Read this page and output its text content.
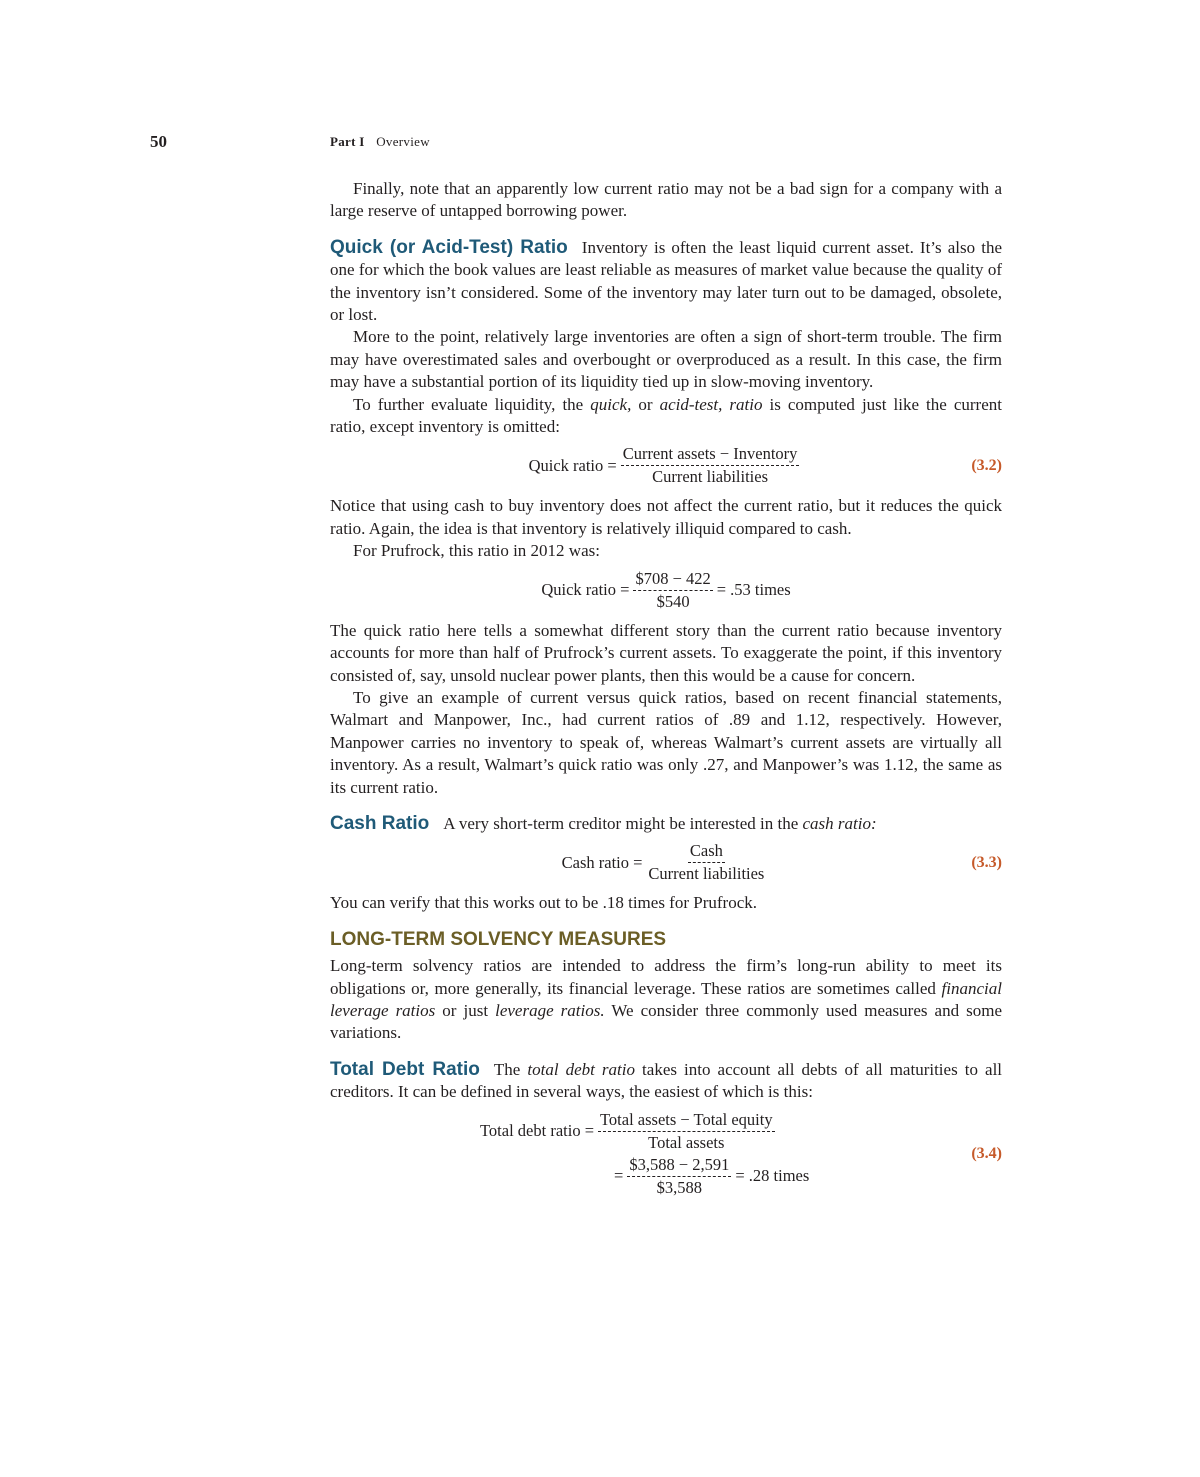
50	Part I Overview

Finally, note that an apparently low current ratio may not be a bad sign for a company with a large reserve of untapped borrowing power.

Quick (or Acid-Test) Ratio Inventory is often the least liquid current asset. It’s also the one for which the book values are least reliable as measures of market value because the quality of the inventory isn’t considered. Some of the inventory may later turn out to be damaged, obsolete, or lost.

More to the point, relatively large inventories are often a sign of short-term trouble. The firm may have overestimated sales and overbought or overproduced as a result. In this case, the firm may have a substantial portion of its liquidity tied up in slow-moving inventory.

To further evaluate liquidity, the quick, or acid-test, ratio is computed just like the current ratio, except inventory is omitted:

Quick ratio = $\frac{\text{Current assets − Inventory}}{\text{Current liabilities}}$	(3.2)

Notice that using cash to buy inventory does not affect the current ratio, but it reduces the quick ratio. Again, the idea is that inventory is relatively illiquid compared to cash.

For Prufrock, this ratio in 2012 was:

Quick ratio = $\frac{\$708 - 422}{\$540} = .53$ times

The quick ratio here tells a somewhat different story than the current ratio because inventory accounts for more than half of Prufrock’s current assets. To exaggerate the point, if this inventory consisted of, say, unsold nuclear power plants, then this would be a cause for concern.

To give an example of current versus quick ratios, based on recent financial statements, Walmart and Manpower, Inc., had current ratios of .89 and 1.12, respectively. However, Manpower carries no inventory to speak of, whereas Walmart’s current assets are virtually all inventory. As a result, Walmart’s quick ratio was only .27, and Manpower’s was 1.12, the same as its current ratio.

Cash Ratio A very short-term creditor might be interested in the cash ratio:

Cash ratio = $\frac{\text{Cash}}{\text{Current liabilities}}$	(3.3)

You can verify that this works out to be .18 times for Prufrock.

LONG-TERM SOLVENCY MEASURES

Long-term solvency ratios are intended to address the firm’s long-run ability to meet its obligations or, more generally, its financial leverage. These ratios are sometimes called financial leverage ratios or just leverage ratios. We consider three commonly used measures and some variations.

Total Debt Ratio The total debt ratio takes into account all debts of all maturities to all creditors. It can be defined in several ways, the easiest of which is this:

Total debt ratio = $\frac{\text{Total assets − Total equity}}{\text{Total assets}}$
= $\frac{\$3,588 - 2,591}{\$3,588} = .28$ times
(3.4)
